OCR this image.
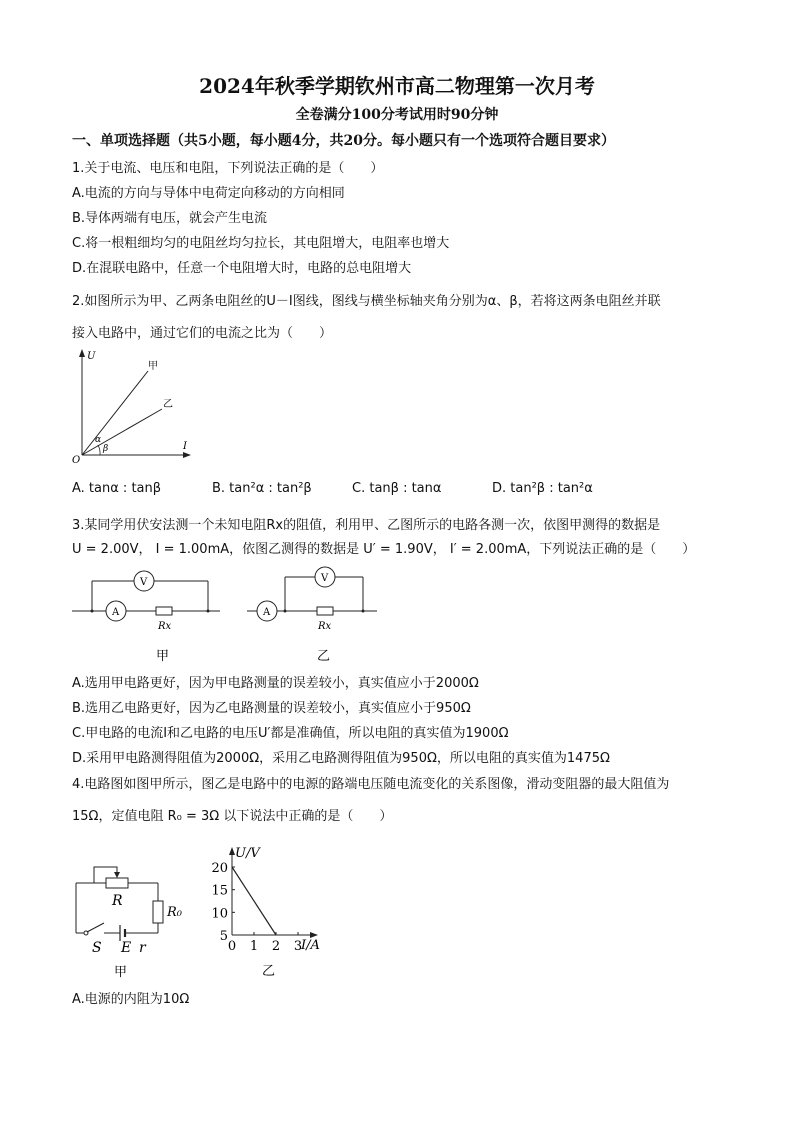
2024年秋季学期钦州市高二物理第一次月考
全卷满分100分考试用时90分钟
一、单项选择题（共5小题，每小题4分，共20分。每小题只有一个选项符合题目要求）
1.关于电流、电压和电阻，下列说法正确的是（　　）
A.电流的方向与导体中电荷定向移动的方向相同
B.导体两端有电压，就会产生电流
C.将一根粗细均匀的电阻丝均匀拉长，其电阻增大，电阻率也增大
D.在混联电路中，任意一个电阻增大时，电路的总电阻增大
2.如图所示为甲、乙两条电阻丝的U－I图线，图线与横坐标轴夹角分别为α、β，若将这两条电阻丝并联
接入电路中，通过它们的电流之比为（　　）
U
I
O
甲
乙
α
β
A. tanα : tanβ	B. tan²α : tan²β	C. tanβ : tanα	D. tan²β : tan²α
3.某同学用伏安法测一个未知电阻Rx的阻值，利用甲、乙图所示的电路各测一次，依图甲测得的数据是
U = 2.00V， I = 1.00mA，依图乙测得的数据是 U′ = 1.90V， I′ = 2.00mA，下列说法正确的是（　　）
A
V
Rx
甲
A
V
Rx
乙
A.选用甲电路更好，因为甲电路测量的误差较小，真实值应小于2000Ω
B.选用乙电路更好，因为乙电路测量的误差较小，真实值应小于950Ω
C.甲电路的电流I和乙电路的电压U′都是准确值，所以电阻的真实值为1900Ω
D.采用甲电路测得阻值为2000Ω，采用乙电路测得阻值为950Ω，所以电阻的真实值为1475Ω
4.电路图如图甲所示，图乙是电路中的电源的路端电压随电流变化的关系图像，滑动变阻器的最大阻值为
15Ω，定值电阻 R₀ = 3Ω 以下说法中正确的是（　　）
R
R₀
S E r
甲
5
10
15
20
0 1 2 3
U/V
I/A
乙
A.电源的内阻为10Ω
